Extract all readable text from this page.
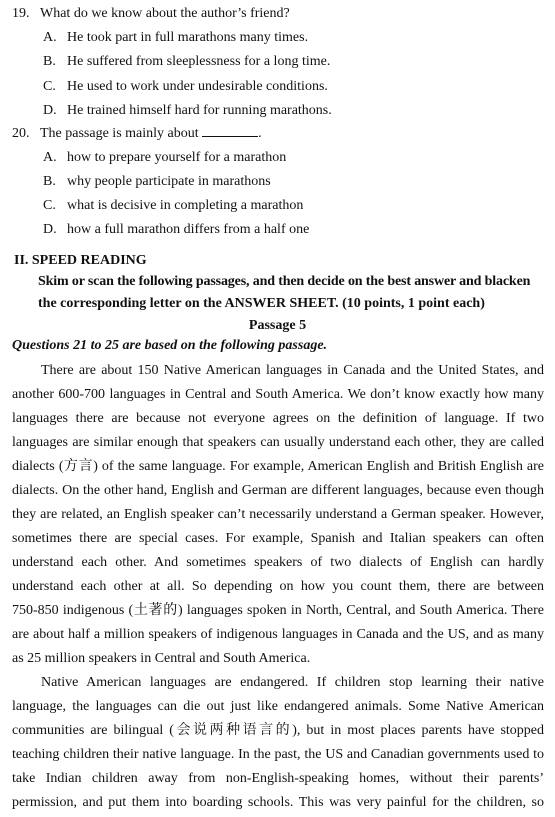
19. What do we know about the author’s friend?
A. He took part in full marathons many times.
B. He suffered from sleeplessness for a long time.
C. He used to work under undesirable conditions.
D. He trained himself hard for running marathons.
20. The passage is mainly about	.
A. how to prepare yourself for a marathon
B. why people participate in marathons
C. what is decisive in completing a marathon
D. how a full marathon differs from a half one
II. SPEED READING
Skim or scan the following passages, and then decide on the best answer and blacken
the corresponding letter on the ANSWER SHEET. (10 points, 1 point each)
Passage 5
Questions 21 to 25 are based on the following passage.
There are about 150 Native American languages in Canada and the United States, and
another 600-700 languages in Central and South America. We don’t know exactly how many
languages there are because not everyone agrees on the definition of language. If two
languages are similar enough that speakers can usually understand each other, they are called
dialects (方言) of the same language. For example, American English and British English are
dialects. On the other hand, English and German are different languages, because even though
they are related, an English speaker can’t necessarily understand a German speaker. However,
sometimes there are special cases. For example, Spanish and Italian speakers can often
understand each other. And sometimes speakers of two dialects of English can hardly
understand each other at all. So depending on how you count them, there are between
750-850 indigenous (土著的) languages spoken in North, Central, and South America. There
are about half a million speakers of indigenous languages in Canada and the US, and as many
as 25 million speakers in Central and South America.
Native American languages are endangered. If children stop learning their native
language, the languages can die out just like endangered animals. Some Native American
communities are bilingual (会说两种语言的), but in most places parents have stopped
teaching children their native language. In the past, the US and Canadian governments used to
take Indian children away from non-English-speaking homes, without their parents’
permission, and put them into boarding schools. This was very painful for the children, so
